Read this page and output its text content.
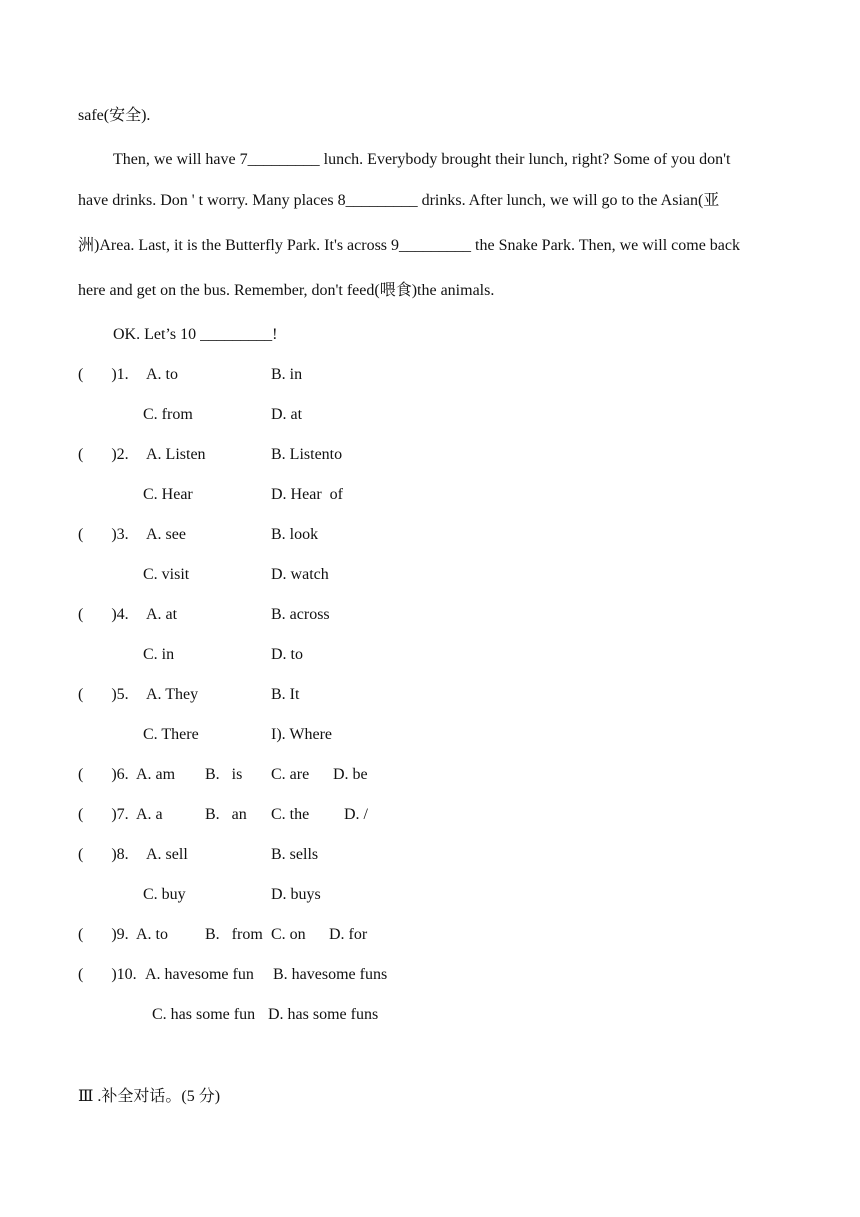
safe(安全).
Then, we will have 7_________ lunch. Everybody brought their lunch, right? Some of you don't
have drinks. Don ' t worry. Many places 8_________ drinks. After lunch, we will go to the Asian(亚
洲)Area. Last, it is the Butterfly Park. It's across 9_________ the Snake Park. Then, we will come back
here and get on the bus. Remember, don't feed(喂食)the animals.
OK. Let’s 10 _________!
(       )1. A. to	B. in
C. from	D. at
(       )2. A. Listen	B. Listento
C. Hear	D. Hear  of
(       )3. A. see	B. look
C. visit	D. watch
(       )4. A. at	B. across
C. in	D. to
(       )5. A. They	B. It
C. There	I). Where
(       )6. A. am B.   is C. are D. be
(       )7. A. a	B.   an C. the D. /
(       )8. A. sell	B. sells
C. buy	D. buys
(       )9. A. to B.   from C. on D. for
(       )10. A. havesome fun B. havesome funs
C. has some fun D. has some funs
Ⅲ .补全对话。(5 分)
